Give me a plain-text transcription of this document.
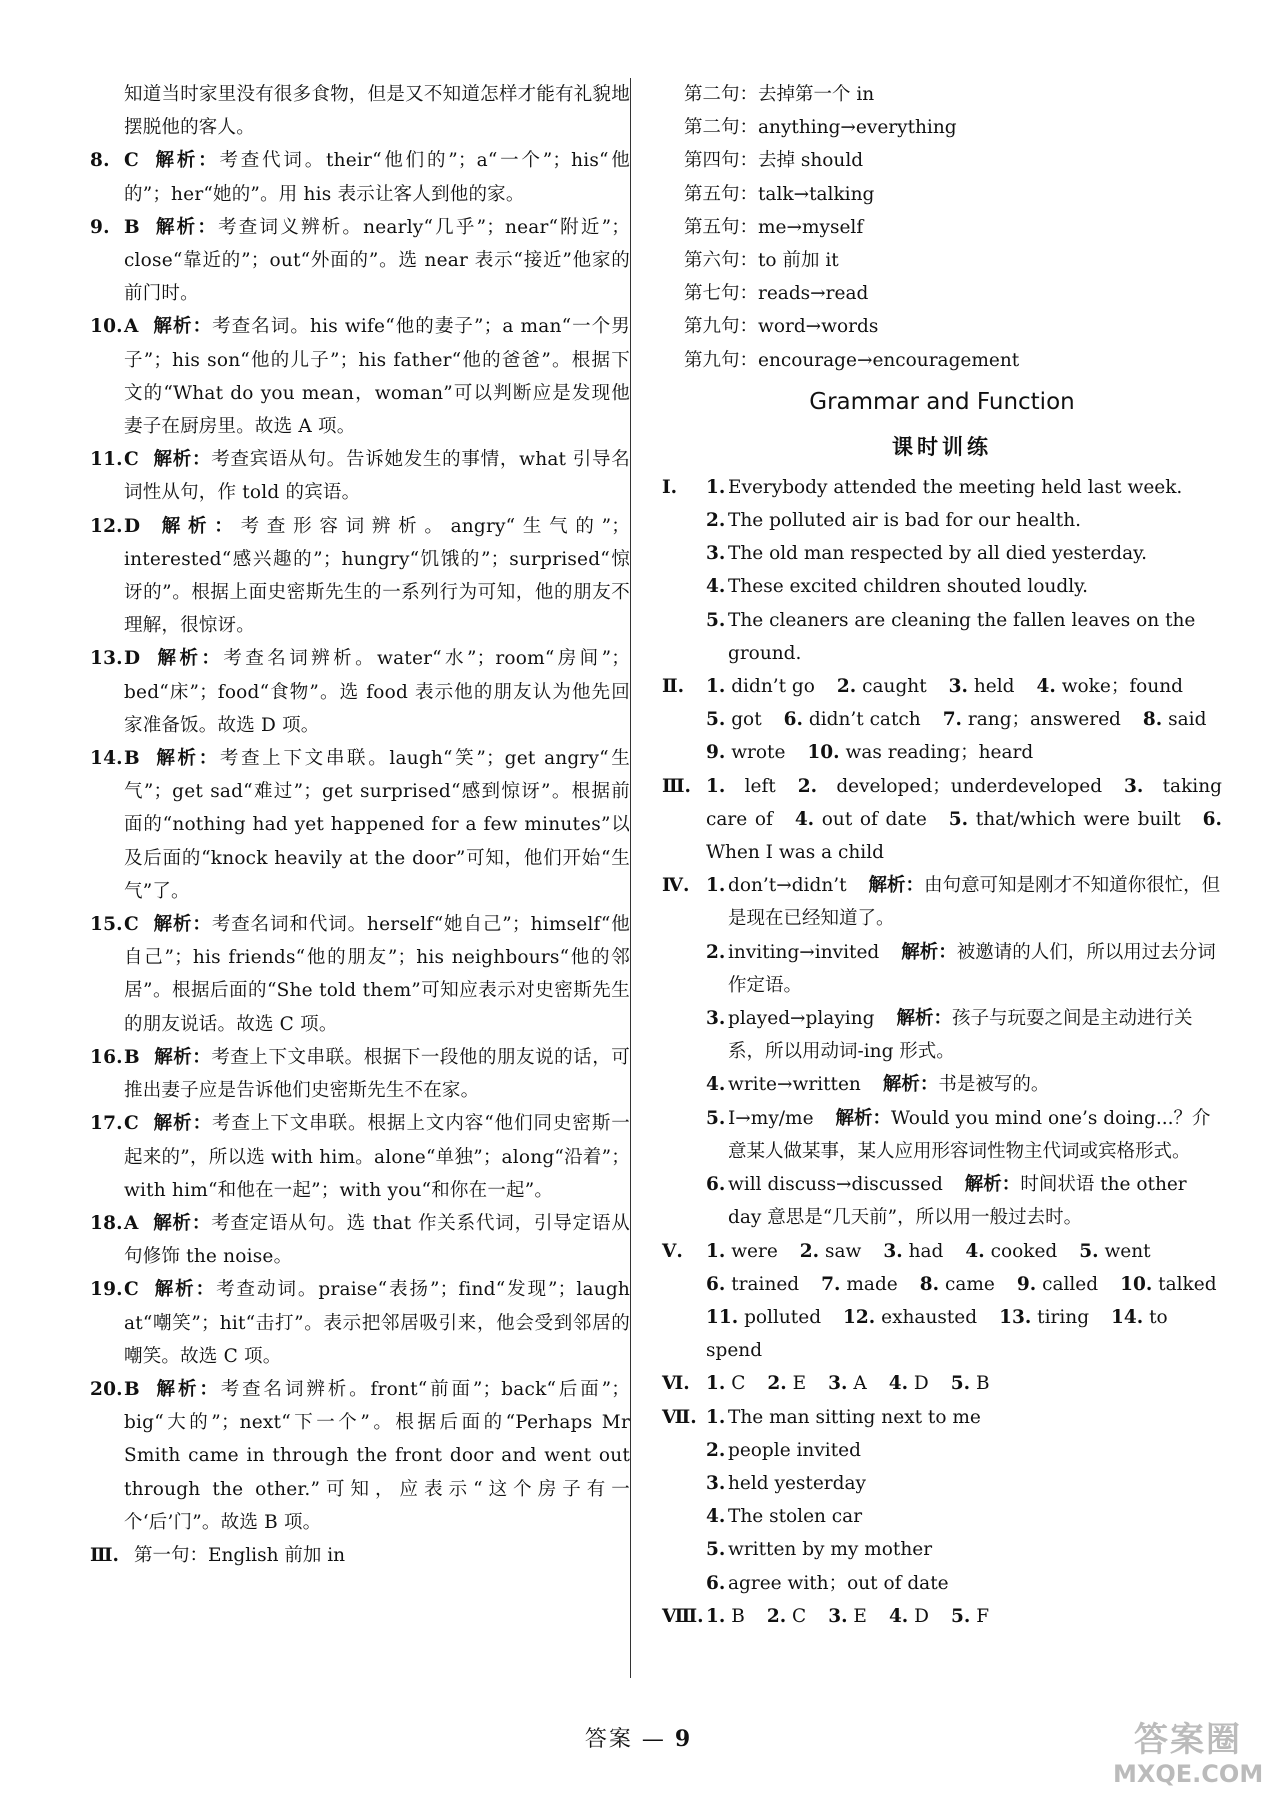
知道当时家里没有很多食物，但是又不知道怎样才能有礼貌地摆脱他的客人。

8. C 解析：考查代词。their“他们的”；a“一个”；his“他的”；her“她的”。用 his 表示让客人到他的家。

9. B 解析：考查词义辨析。nearly“几乎”；near“附近”；close“靠近的”；out“外面的”。选 near 表示“接近”他家的前门时。

10. A 解析：考查名词。his wife“他的妻子”；a man“一个男子”；his son“他的儿子”；his father“他的爸爸”。根据下文的“What do you mean，woman”可以判断应是发现他妻子在厨房里。故选 A 项。

11. C 解析：考查宾语从句。告诉她发生的事情，what 引导名词性从句，作 told 的宾语。

12. D 解析：考查形容词辨析。angry“生气的”；interested“感兴趣的”；hungry“饥饿的”；surprised“惊讶的”。根据上面史密斯先生的一系列行为可知，他的朋友不理解，很惊讶。

13. D 解析：考查名词辨析。water“水”；room“房间”；bed“床”；food“食物”。选 food 表示他的朋友认为他先回家准备饭。故选 D 项。

14. B 解析：考查上下文串联。laugh“笑”；get angry“生气”；get sad“难过”；get surprised“感到惊讶”。根据前面的“nothing had yet happened for a few minutes”以及后面的“knock heavily at the door”可知，他们开始“生气”了。

15. C 解析：考查名词和代词。herself“她自己”；himself“他自己”；his friends“他的朋友”；his neighbours“他的邻居”。根据后面的“She told them”可知应表示对史密斯先生的朋友说话。故选 C 项。

16. B 解析：考查上下文串联。根据下一段他的朋友说的话，可推出妻子应是告诉他们史密斯先生不在家。

17. C 解析：考查上下文串联。根据上文内容“他们同史密斯一起来的”，所以选 with him。alone“单独”；along“沿着”；with him“和他在一起”；with you“和你在一起”。

18. A 解析：考查定语从句。选 that 作关系代词，引导定语从句修饰 the noise。

19. C 解析：考查动词。praise“表扬”；find“发现”；laugh at“嘲笑”；hit“击打”。表示把邻居吸引来，他会受到邻居的嘲笑。故选 C 项。

20. B 解析：考查名词辨析。front“前面”；back“后面”；big“大的”；next“下一个”。根据后面的“Perhaps Mr Smith came in through the front door and went out through the other.”可知，应表示“这个房子有一个‘后’门”。故选 B 项。

Ⅲ. 第一句：English 前加 in

第二句：去掉第一个 in

第二句：anything→everything

第四句：去掉 should

第五句：talk→talking

第五句：me→myself

第六句：to 前加 it

第七句：reads→read

第九句：word→words

第九句：encourage→encouragement

Grammar and Function
课时训练
Ⅰ. 1. Everybody attended the meeting held last week.
2. The polluted air is bad for our health.
3. The old man respected by all died yesterday.
4. These excited children shouted loudly.
5. The cleaners are cleaning the fallen leaves on the ground.
Ⅱ. 1. didn’t go 2. caught 3. held 4. woke；found
5. got 6. didn’t catch 7. rang；answered 8. said
9. wrote 10. was reading；heard
Ⅲ. 1. left 2. developed；underdeveloped 3. taking care of 4. out of date 5. that/which were built 6. When I was a child
Ⅳ. 1. don’t→didn’t 解析：由句意可知是刚才不知道你很忙，但是现在已经知道了。
2. inviting→invited 解析：被邀请的人们，所以用过去分词作定语。
3. played→playing 解析：孩子与玩耍之间是主动进行关系，所以用动词-ing 形式。
4. write→written 解析：书是被写的。
5. I→my/me 解析：Would you mind one’s doing...？介意某人做某事，某人应用形容词性物主代词或宾格形式。
6. will discuss→discussed 解析：时间状语 the other day 意思是“几天前”，所以用一般过去时。
Ⅴ. 1. were 2. saw 3. had 4. cooked 5. went
6. trained 7. made 8. came 9. called 10. talked
11. polluted 12. exhausted 13. tiring 14. to spend
Ⅵ. 1. C 2. E 3. A 4. D 5. B
Ⅶ. 1. The man sitting next to me
2. people invited
3. held yesterday
4. The stolen car
5. written by my mother
6. agree with；out of date
Ⅷ. 1. B 2. C 3. E 4. D 5. F
答案 — 9	答案圈
MXQE.COM
